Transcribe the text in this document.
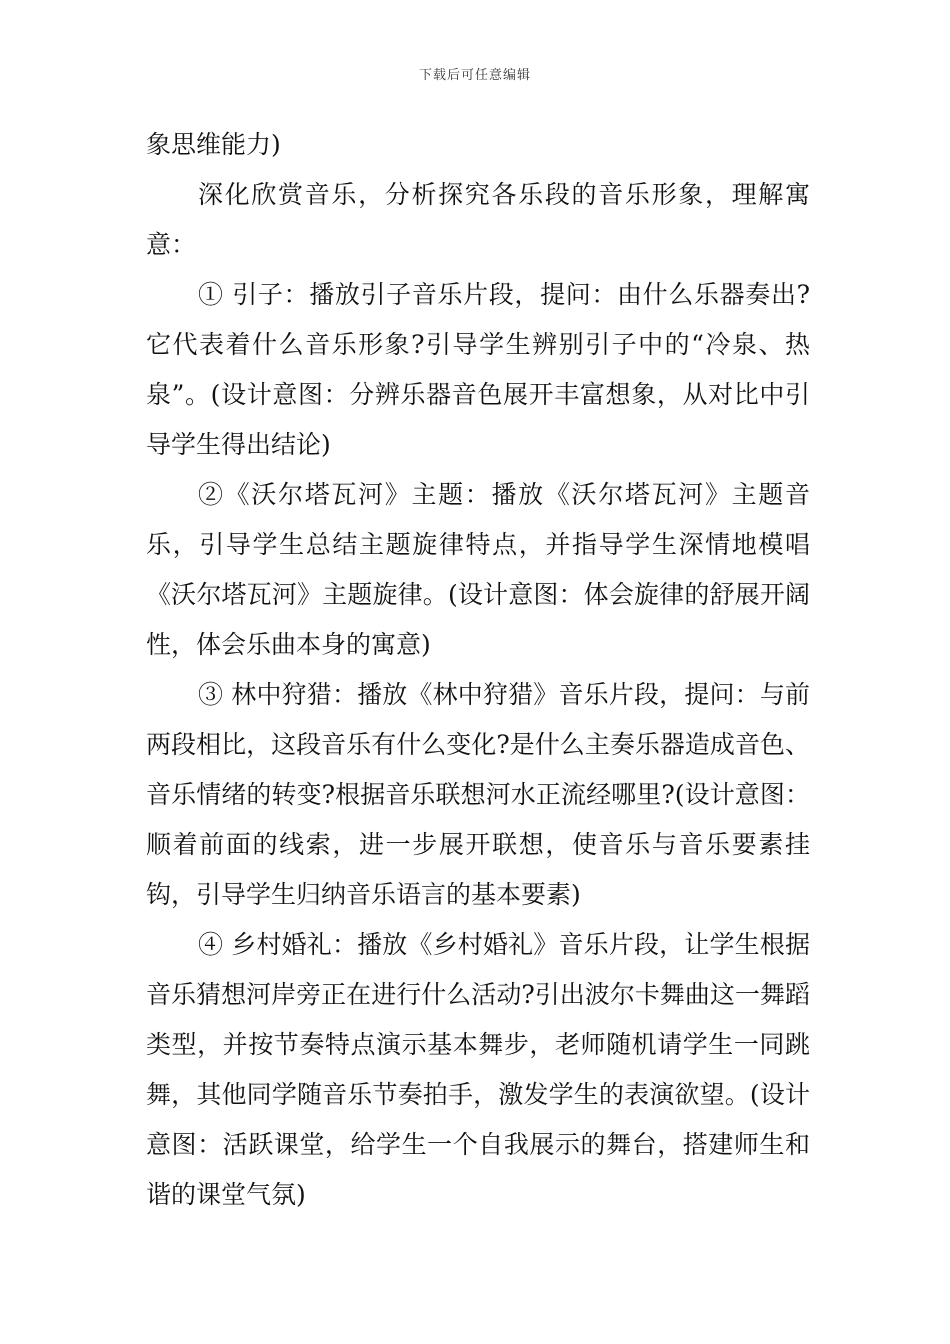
下载后可任意编辑

象思维能力)

深化欣赏音乐，分析探究各乐段的音乐形象，理解寓意：

① 引子：播放引子音乐片段，提问：由什么乐器奏出?它代表着什么音乐形象?引导学生辨别引子中的“冷泉、热泉”。(设计意图：分辨乐器音色展开丰富想象，从对比中引导学生得出结论)

②《沃尔塔瓦河》主题：播放《沃尔塔瓦河》主题音乐，引导学生总结主题旋律特点，并指导学生深情地模唱《沃尔塔瓦河》主题旋律。(设计意图：体会旋律的舒展开阔性，体会乐曲本身的寓意)

③ 林中狩猎：播放《林中狩猎》音乐片段，提问：与前两段相比，这段音乐有什么变化?是什么主奏乐器造成音色、音乐情绪的转变?根据音乐联想河水正流经哪里?(设计意图：顺着前面的线索，进一步展开联想，使音乐与音乐要素挂钩，引导学生归纳音乐语言的基本要素)

④ 乡村婚礼：播放《乡村婚礼》音乐片段，让学生根据音乐猜想河岸旁正在进行什么活动?引出波尔卡舞曲这一舞蹈类型，并按节奏特点演示基本舞步，老师随机请学生一同跳舞，其他同学随音乐节奏拍手，激发学生的表演欲望。(设计意图：活跃课堂，给学生一个自我展示的舞台，搭建师生和谐的课堂气氛)
